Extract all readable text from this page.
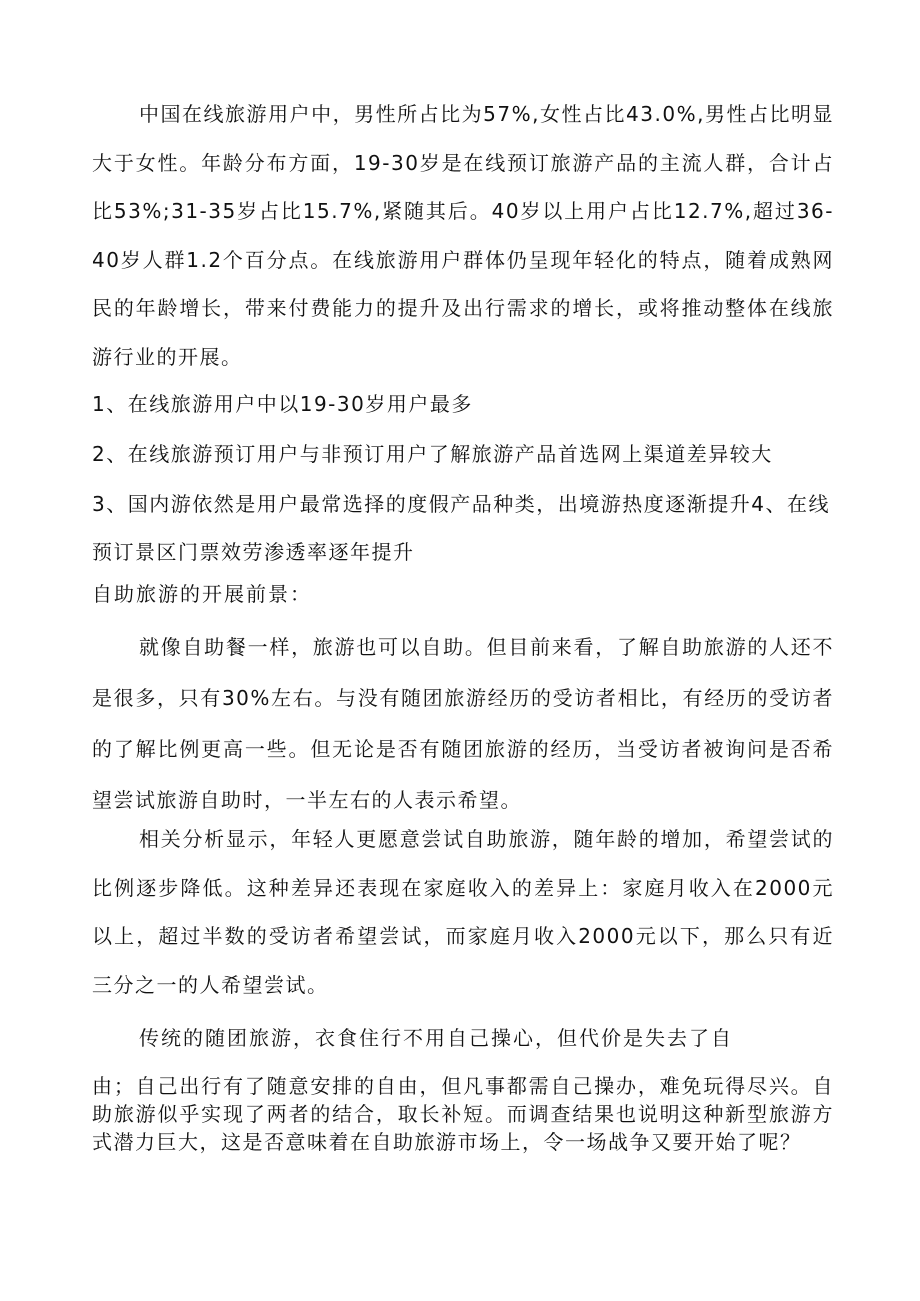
中国在线旅游用户中，男性所占比为57%,女性占比43.0%,男性占比明显大于女性。年龄分布方面，19-30岁是在线预订旅游产品的主流人群，合计占比53%;31-35岁占比15.7%,紧随其后。40岁以上用户占比12.7%,超过36-40岁人群1.2个百分点。在线旅游用户群体仍呈现年轻化的特点，随着成熟网民的年龄增长，带来付费能力的提升及出行需求的增长，或将推动整体在线旅游行业的开展。

1、在线旅游用户中以19-30岁用户最多

2、在线旅游预订用户与非预订用户了解旅游产品首选网上渠道差异较大

3、国内游依然是用户最常选择的度假产品种类，出境游热度逐渐提升4、在线预订景区门票效劳渗透率逐年提升

自助旅游的开展前景：

就像自助餐一样，旅游也可以自助。但目前来看，了解自助旅游的人还不是很多，只有30%左右。与没有随团旅游经历的受访者相比，有经历的受访者的了解比例更高一些。但无论是否有随团旅游的经历，当受访者被询问是否希望尝试旅游自助时，一半左右的人表示希望。

相关分析显示，年轻人更愿意尝试自助旅游，随年龄的增加，希望尝试的比例逐步降低。这种差异还表现在家庭收入的差异上：家庭月收入在2000元以上，超过半数的受访者希望尝试，而家庭月收入2000元以下，那么只有近三分之一的人希望尝试。

传统的随团旅游，衣食住行不用自己操心，但代价是失去了自

由；自己出行有了随意安排的自由，但凡事都需自己操办，难免玩得尽兴。自助旅游似乎实现了两者的结合，取长补短。而调查结果也说明这种新型旅游方式潜力巨大，这是否意味着在自助旅游市场上，令一场战争又要开始了呢？
